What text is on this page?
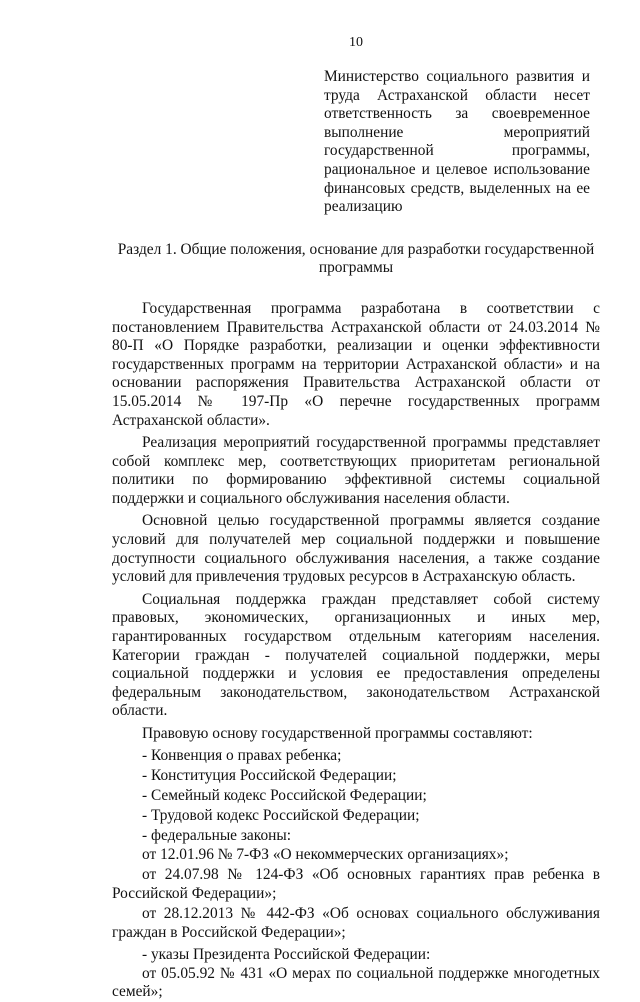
10
Министерство социального развития и труда Астраханской области несет ответственность за своевременное выполнение мероприятий государственной программы, рациональное и целевое использование финансовых средств, выделенных на ее реализацию
Раздел 1. Общие положения, основание для разработки государственной программы

Государственная программа разработана в соответствии с постановлением Правительства Астраханской области от 24.03.2014 № 80-П «О Порядке разработки, реализации и оценки эффективности государственных программ на территории Астраханской области» и на основании распоряжения Правительства Астраханской области от 15.05.2014 № 197-Пр «О перечне государственных программ Астраханской области».

Реализация мероприятий государственной программы представляет собой комплекс мер, соответствующих приоритетам региональной политики по формированию эффективной системы социальной поддержки и социального обслуживания населения области.

Основной целью государственной программы является создание условий для получателей мер социальной поддержки и повышение доступности социального обслуживания населения, а также создание условий для привлечения трудовых ресурсов в Астраханскую область.

Социальная поддержка граждан представляет собой систему правовых, экономических, организационных и иных мер, гарантированных государством отдельным категориям населения. Категории граждан - получателей социальной поддержки, меры социальной поддержки и условия ее предоставления определены федеральным законодательством, законодательством Астраханской области.

Правовую основу государственной программы составляют:

- Конвенция о правах ребенка;

- Конституция Российской Федерации;

- Семейный кодекс Российской Федерации;

- Трудовой кодекс Российской Федерации;

- федеральные законы:

от 12.01.96 № 7-ФЗ «О некоммерческих организациях»;

от 24.07.98 № 124-ФЗ «Об основных гарантиях прав ребенка в Российской Федерации»;

от 28.12.2013 № 442-ФЗ «Об основах социального обслуживания граждан в Российской Федерации»;

- указы Президента Российской Федерации:

от 05.05.92 № 431 «О мерах по социальной поддержке многодетных семей»;
